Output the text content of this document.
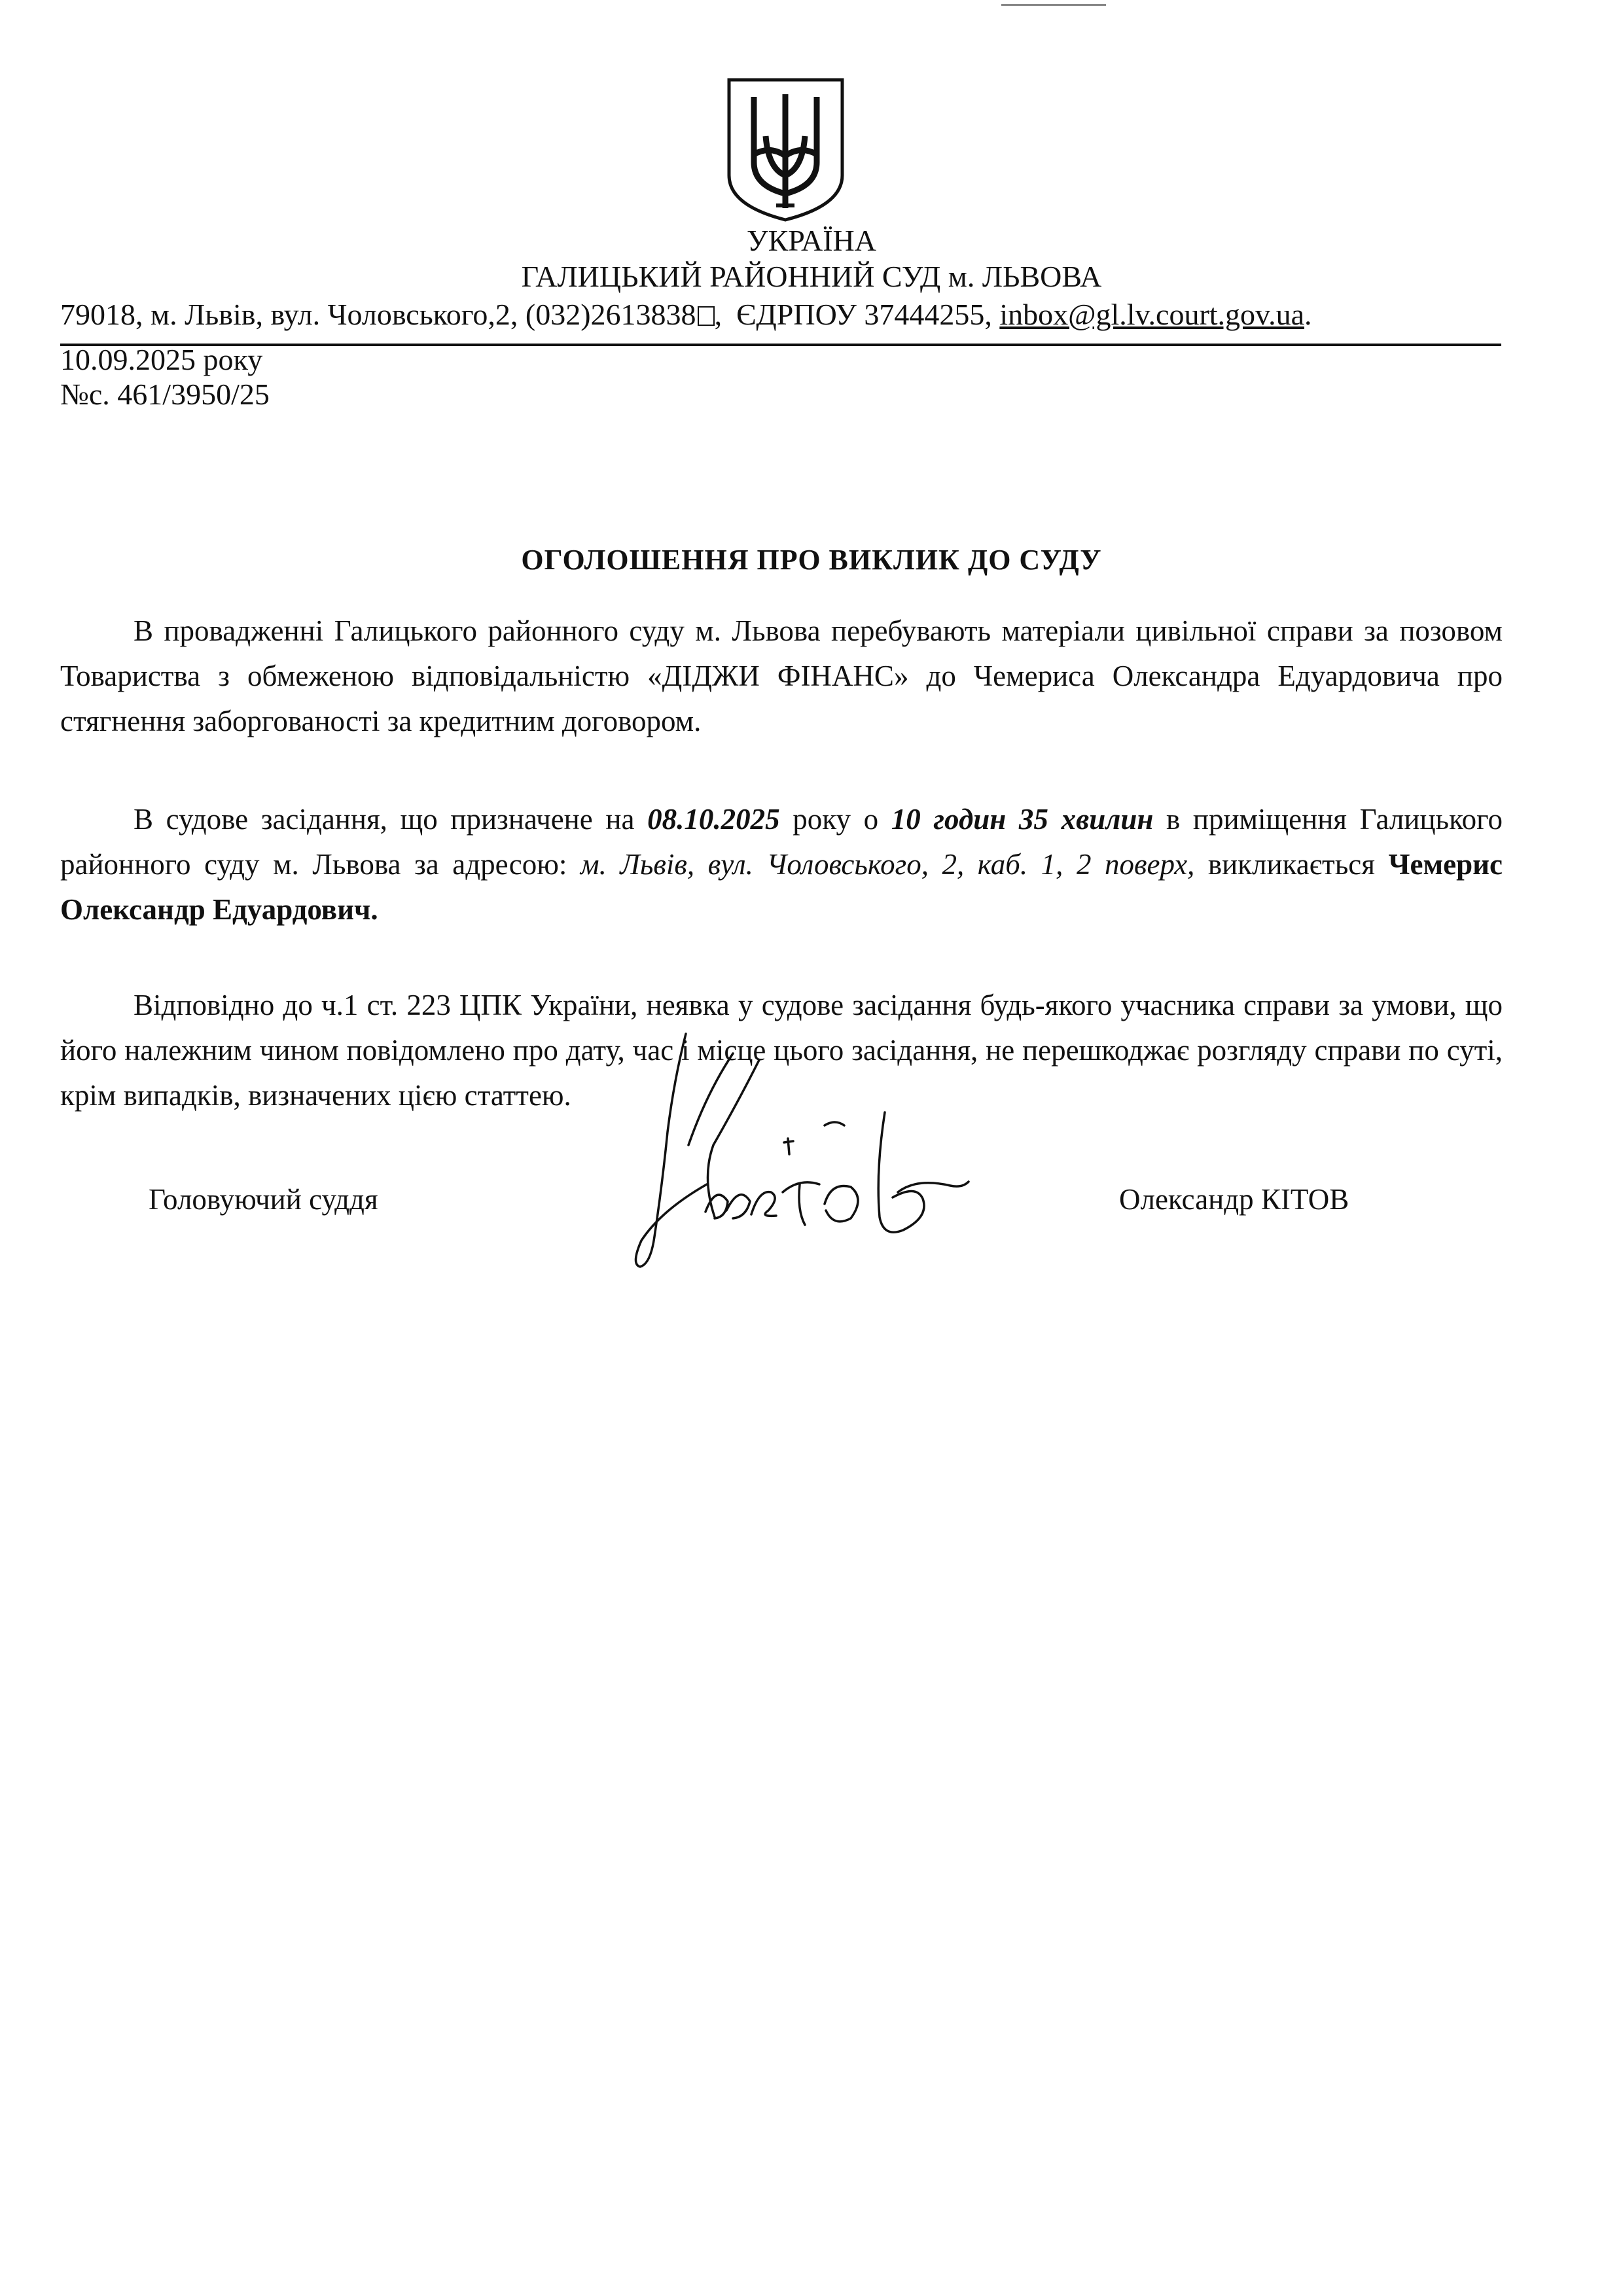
УКРАЇНА
ГАЛИЦЬКИЙ РАЙОННИЙ СУД м. ЛЬВОВА
79018, м. Львів, вул. Чоловського,2, (032)2613838 , ЄДРПОУ 37444255, inbox@gl.lv.court.gov.ua.
10.09.2025 року
№с. 461/3950/25
ОГОЛОШЕННЯ ПРО ВИКЛИК ДО СУДУ
В провадженні Галицького районного суду м. Львова перебувають матеріали цивільної справи за позовом Товариства з обмеженою відповідальністю «ДІДЖИ ФІНАНС» до Чемериса Олександра Едуардовича про стягнення заборгованості за кредитним договором.
В судове засідання, що призначене на 08.10.2025 року о 10 годин 35 хвилин в приміщення Галицького районного суду м. Львова за адресою: м. Львів, вул. Чоловського, 2, каб. 1, 2 поверх, викликається Чемерис Олександр Едуардович.
Відповідно до ч.1 ст. 223 ЦПК України, неявка у судове засідання будь-якого учасника справи за умови, що його належним чином повідомлено про дату, час і місце цього засідання, не перешкоджає розгляду справи по суті, крім випадків, визначених цією статтею.
Головуючий суддя	Олександр КІТОВ
